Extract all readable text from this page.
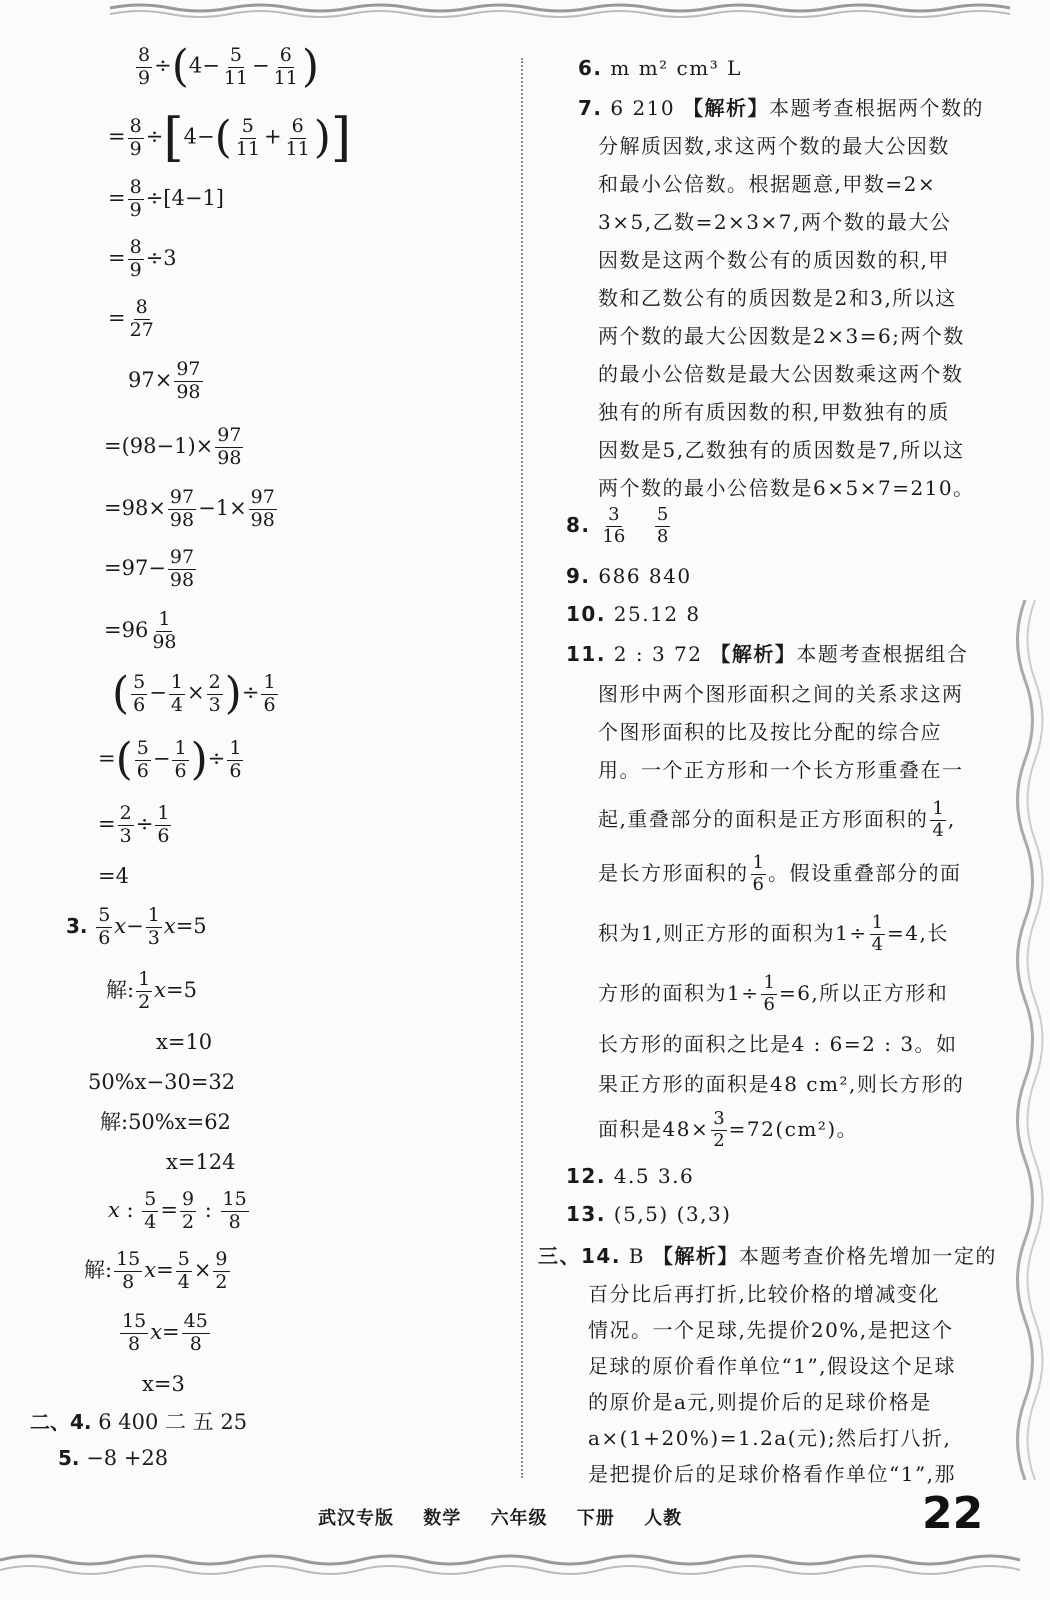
$\frac{8}{9} \div(4- \frac{5}{11} - \frac{6}{11}$ )
= $\frac{8}{9} \div[4-( \frac{5}{11} + \frac{6}{11}$ )]
= $\frac{8}{9} \div[4-1]$
= $\frac{8}{9} \div 3$
= $\frac{8}{27}$
$97\times \frac{97}{98}$
$=(98-1)\times \frac{97}{98}$
$=98\times \frac{97}{98} -1\times \frac{97}{98}$
$=97- \frac{97}{98}$
$=96 \frac{1}{98}$
( $\frac{5}{6} - \frac{1}{4} \times \frac{2}{3}$ )÷ $\frac{1}{6}$
=( $\frac{5}{6} - \frac{1}{6}$ )÷ $\frac{1}{6}$
= $\frac{2}{3} \div \frac{1}{6}$
=4
3. $\frac{5}{6} x- \frac{1}{3} x=5$
解: $\frac{1}{2} x=5$
x=10
50%x−30=32
解:50%x=62
x=124
x : $\frac{5}{4} = \frac{9}{2}$ : $\frac{15}{8}$
解: $\frac{15}{8} x= \frac{5}{4} \times \frac{9}{2}$
$\frac{15}{8} x= \frac{45}{8}$
x=3
二、4. 6 400 二 五 25
5. −8 +28
6. m m² cm³ L
7. 6 210 【解析】本题考查根据两个数的
分解质因数,求这两个数的最大公因数
和最小公倍数。根据题意,甲数=2×
3×5,乙数=2×3×7,两个数的最大公
因数是这两个数公有的质因数的积,甲
数和乙数公有的质因数是2和3,所以这
两个数的最大公因数是2×3=6;两个数
的最小公倍数是最大公因数乘这两个数
独有的所有质因数的积,甲数独有的质
因数是5,乙数独有的质因数是7,所以这
两个数的最小公倍数是6×5×7=210。
8. $\frac{3}{16}$
$\frac{5}{8}$
9. 686 840
10. 25.12 8
11. 2 : 3 72 【解析】本题考查根据组合
图形中两个图形面积之间的关系求这两
个图形面积的比及按比分配的综合应
用。一个正方形和一个长方形重叠在一
起,重叠部分的面积是正方形面积的 $\frac{1}{4}$ ,
是长方形面积的 $\frac{1}{6}$ 。假设重叠部分的面
积为1,则正方形的面积为$1\div \frac{1}{4} =4$,长
方形的面积为$1\div \frac{1}{6} =6$,所以正方形和
长方形的面积之比是4 : 6=2 : 3。如
果正方形的面积是48 cm²,则长方形的
面积是$48\times \frac{3}{2} =72(cm^2)$。
12. 4.5 3.6
13. (5,5) (3,3)
三、14. B 【解析】本题考查价格先增加一定的
百分比后再打折,比较价格的增减变化
情况。一个足球,先提价20%,是把这个
足球的原价看作单位“1”,假设这个足球
的原价是a元,则提价后的足球价格是
a×(1+20%)=1.2a(元);然后打八折,
是把提价后的足球价格看作单位“1”,那
武汉专版 数学 六年级 下册 人教	22
